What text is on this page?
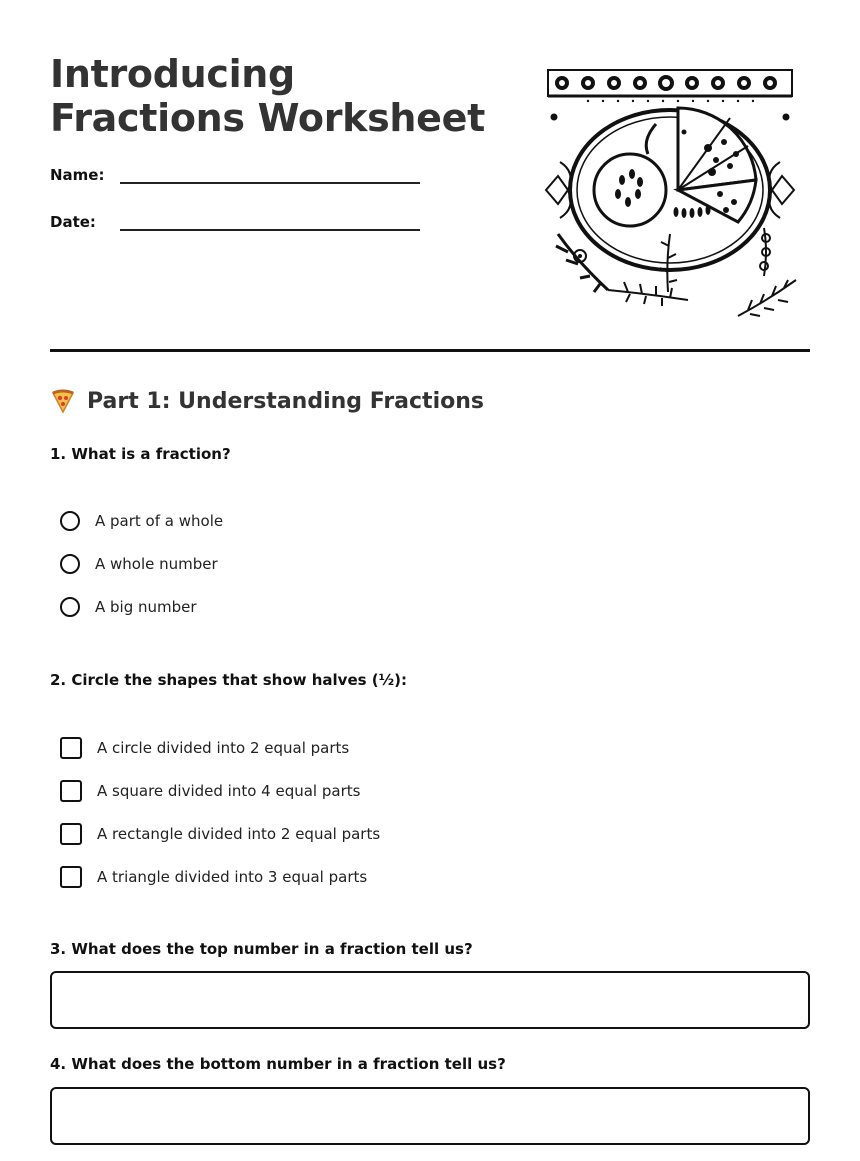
Introducing Fractions Worksheet
Name:
Date:
Part 1: Understanding Fractions
1. What is a fraction?
A part of a whole
A whole number
A big number
2. Circle the shapes that show halves (½):
A circle divided into 2 equal parts
A square divided into 4 equal parts
A rectangle divided into 2 equal parts
A triangle divided into 3 equal parts
3. What does the top number in a fraction tell us?
4. What does the bottom number in a fraction tell us?
